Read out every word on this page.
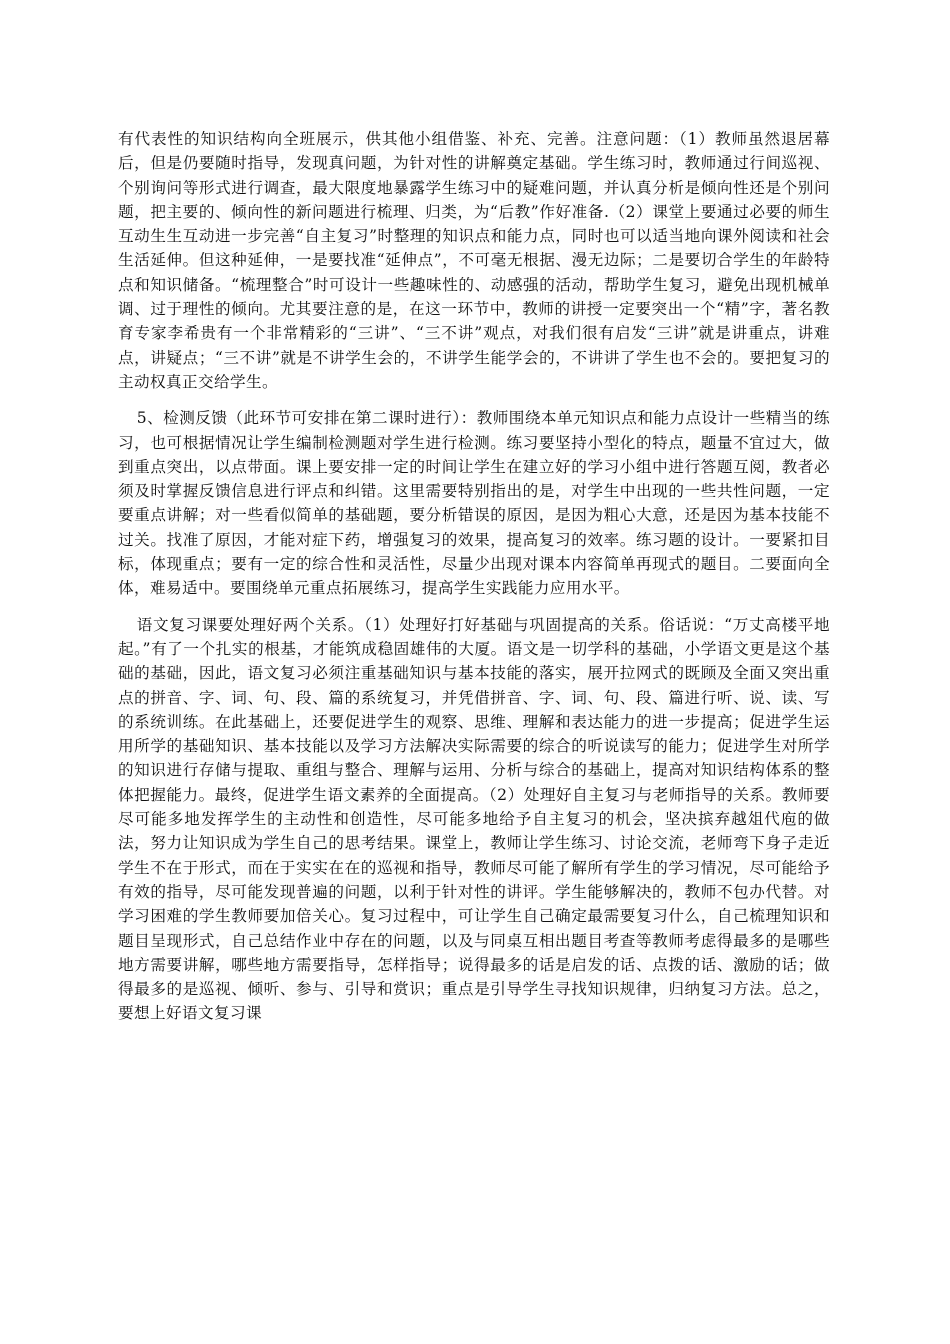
有代表性的知识结构向全班展示，供其他小组借鉴、补充、完善。注意问题：（1）教师虽然退居幕后，但是仍要随时指导，发现真问题，为针对性的讲解奠定基础。学生练习时，教师通过行间巡视、个别询问等形式进行调查，最大限度地暴露学生练习中的疑难问题，并认真分析是倾向性还是个别问题，把主要的、倾向性的新问题进行梳理、归类，为“后教”作好准备.（2）课堂上要通过必要的师生互动生生互动进一步完善“自主复习”时整理的知识点和能力点，同时也可以适当地向课外阅读和社会生活延伸。但这种延伸，一是要找准“延伸点”，不可毫无根据、漫无边际；二是要切合学生的年龄特点和知识储备。“梳理整合”时可设计一些趣味性的、动感强的活动，帮助学生复习，避免出现机械单调、过于理性的倾向。尤其要注意的是，在这一环节中，教师的讲授一定要突出一个“精”字，著名教育专家李希贵有一个非常精彩的“三讲”、“三不讲”观点，对我们很有启发“三讲”就是讲重点，讲难点，讲疑点；“三不讲”就是不讲学生会的，不讲学生能学会的，不讲讲了学生也不会的。要把复习的主动权真正交给学生。

5、检测反馈（此环节可安排在第二课时进行）：教师围绕本单元知识点和能力点设计一些精当的练习，也可根据情况让学生编制检测题对学生进行检测。练习要坚持小型化的特点，题量不宜过大，做到重点突出，以点带面。课上要安排一定的时间让学生在建立好的学习小组中进行答题互阅，教者必须及时掌握反馈信息进行评点和纠错。这里需要特别指出的是，对学生中出现的一些共性问题，一定要重点讲解；对一些看似简单的基础题，要分析错误的原因，是因为粗心大意，还是因为基本技能不过关。找准了原因，才能对症下药，增强复习的效果，提高复习的效率。练习题的设计。一要紧扣目标，体现重点；要有一定的综合性和灵活性，尽量少出现对课本内容简单再现式的题目。二要面向全体，难易适中。要围绕单元重点拓展练习，提高学生实践能力应用水平。

语文复习课要处理好两个关系。（1）处理好打好基础与巩固提高的关系。俗话说：“万丈高楼平地起。”有了一个扎实的根基，才能筑成稳固雄伟的大厦。语文是一切学科的基础，小学语文更是这个基础的基础，因此，语文复习必须注重基础知识与基本技能的落实，展开拉网式的既顾及全面又突出重点的拼音、字、词、句、段、篇的系统复习，并凭借拼音、字、词、句、段、篇进行听、说、读、写的系统训练。在此基础上，还要促进学生的观察、思维、理解和表达能力的进一步提高；促进学生运用所学的基础知识、基本技能以及学习方法解决实际需要的综合的听说读写的能力；促进学生对所学的知识进行存储与提取、重组与整合、理解与运用、分析与综合的基础上，提高对知识结构体系的整体把握能力。最终，促进学生语文素养的全面提高。（2）处理好自主复习与老师指导的关系。教师要尽可能多地发挥学生的主动性和创造性，尽可能多地给予自主复习的机会，坚决摈弃越俎代庖的做法，努力让知识成为学生自己的思考结果。课堂上，教师让学生练习、讨论交流，老师弯下身子走近学生不在于形式，而在于实实在在的巡视和指导，教师尽可能了解所有学生的学习情况，尽可能给予有效的指导，尽可能发现普遍的问题，以利于针对性的讲评。学生能够解决的，教师不包办代替。对学习困难的学生教师要加倍关心。复习过程中，可让学生自己确定最需要复习什么，自己梳理知识和题目呈现形式，自己总结作业中存在的问题，以及与同桌互相出题目考查等教师考虑得最多的是哪些地方需要讲解，哪些地方需要指导，怎样指导；说得最多的话是启发的话、点拨的话、激励的话；做得最多的是巡视、倾听、参与、引导和赏识；重点是引导学生寻找知识规律，归纳复习方法。总之，要想上好语文复习课
